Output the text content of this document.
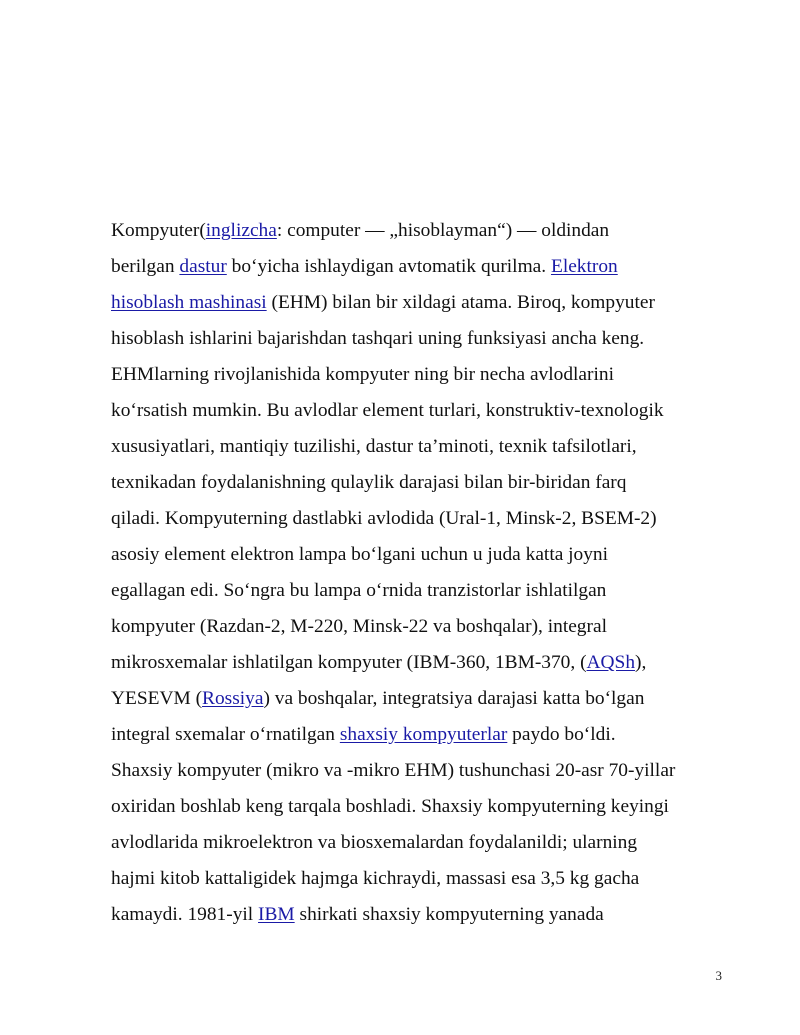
Kompyuter(inglizcha: computer — „hisoblayman“) — oldindan
berilgan dastur bo‘yicha ishlaydigan avtomatik qurilma. Elektron
hisoblash mashinasi (EHM) bilan bir xildagi atama. Biroq, kompyuter
hisoblash ishlarini bajarishdan tashqari uning funksiyasi ancha keng.
EHMlarning rivojlanishida kompyuter ning bir necha avlodlarini
ko‘rsatish mumkin. Bu avlodlar element turlari, konstruktiv-texnologik
xususiyatlari, mantiqiy tuzilishi, dastur ta’minoti, texnik tafsilotlari,
texnikadan foydalanishning qulaylik darajasi bilan bir-biridan farq
qiladi. Kompyuterning dastlabki avlodida (Ural-1, Minsk-2, BSEM-2)
asosiy element elektron lampa bo‘lgani uchun u juda katta joyni
egallagan edi. So‘ngra bu lampa o‘rnida tranzistorlar ishlatilgan
kompyuter (Razdan-2, M-220, Minsk-22 va boshqalar), integral
mikrosxemalar ishlatilgan kompyuter (IBM-360, 1BM-370, (AQSh),
YESEVM (Rossiya) va boshqalar, integratsiya darajasi katta bo‘lgan
integral sxemalar o‘rnatilgan shaxsiy kompyuterlar paydo bo‘ldi.
Shaxsiy kompyuter (mikro va -mikro EHM) tushunchasi 20-asr 70-yillar
oxiridan boshlab keng tarqala boshladi. Shaxsiy kompyuterning keyingi
avlodlarida mikroelektron va biosxemalardan foydalanildi; ularning
hajmi kitob kattaligidek hajmga kichraydi, massasi esa 3,5 kg gacha
kamaydi. 1981-yil IBM shirkati shaxsiy kompyuterning yanada

3
